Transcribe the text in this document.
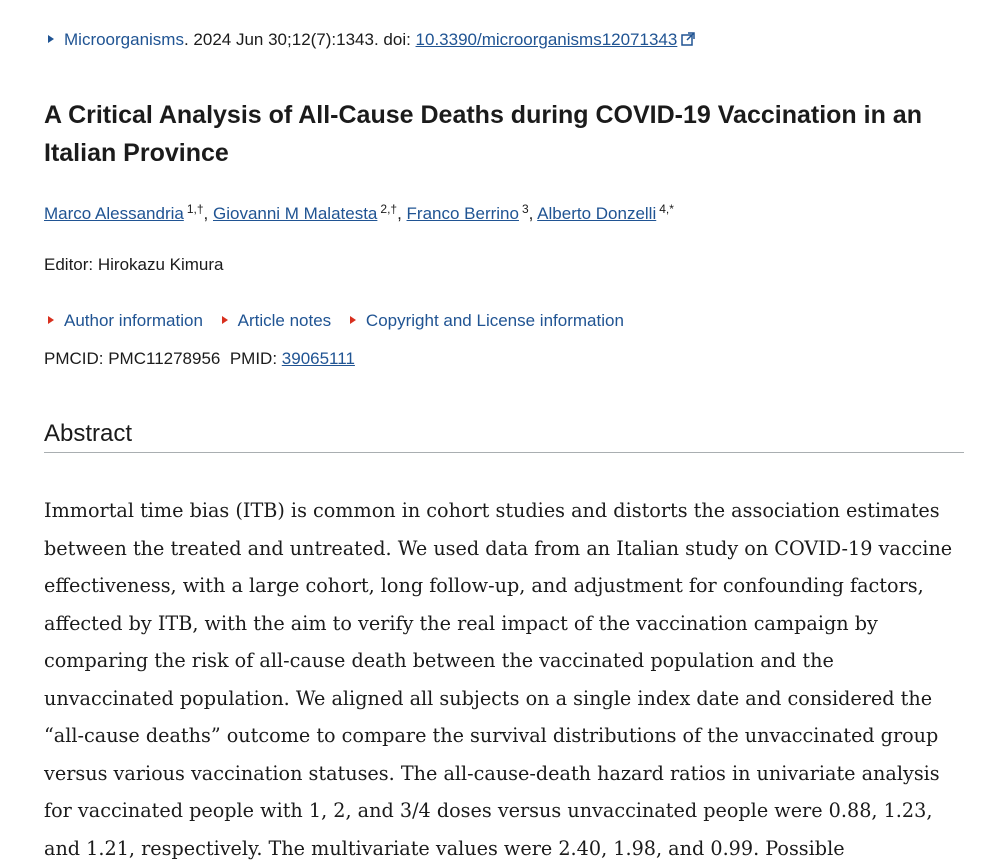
Microorganisms. 2024 Jun 30;12(7):1343. doi: 10.3390/microorganisms12071343
A Critical Analysis of All-Cause Deaths during COVID-19 Vaccination in an Italian Province
Marco Alessandria $^{1,\dagger}$, Giovanni M Malatesta $^{2,\dagger}$, Franco Berrino $^3$, Alberto Donzelli $^{4,*}$
Editor: Hirokazu Kimura
Author information Article notes Copyright and License information
PMCID: PMC11278956 PMID: 39065111
Abstract

Immortal time bias (ITB) is common in cohort studies and distorts the association estimates between the treated and untreated. We used data from an Italian study on COVID-19 vaccine effectiveness, with a large cohort, long follow-up, and adjustment for confounding factors, affected by ITB, with the aim to verify the real impact of the vaccination campaign by comparing the risk of all-cause death between the vaccinated population and the unvaccinated population. We aligned all subjects on a single index date and considered the “all-cause deaths” outcome to compare the survival distributions of the unvaccinated group versus various vaccination statuses. The all-cause-death hazard ratios in univariate analysis for vaccinated people with 1, 2, and 3/4 doses versus unvaccinated people were 0.88, 1.23, and 1.21, respectively. The multivariate values were 2.40, 1.98, and 0.99. Possible
